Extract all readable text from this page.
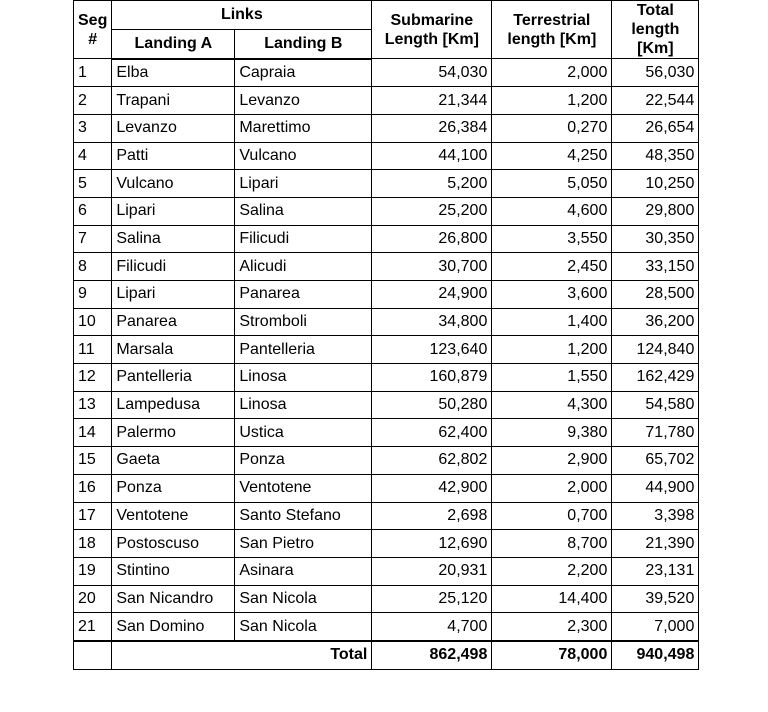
Seg #	Links		Submarine Length [Km]	Terrestrial length [Km]	Total length [Km]

	Landing A	Landing B			
1	Elba	Capraia	54,030	2,000	56,030
2	Trapani	Levanzo	21,344	1,200	22,544
3	Levanzo	Marettimo	26,384	0,270	26,654
4	Patti	Vulcano	44,100	4,250	48,350
5	Vulcano	Lipari	5,200	5,050	10,250
6	Lipari	Salina	25,200	4,600	29,800
7	Salina	Filicudi	26,800	3,550	30,350
8	Filicudi	Alicudi	30,700	2,450	33,150
9	Lipari	Panarea	24,900	3,600	28,500
10	Panarea	Stromboli	34,800	1,400	36,200
11	Marsala	Pantelleria	123,640	1,200	124,840
12	Pantelleria	Linosa	160,879	1,550	162,429
13	Lampedusa	Linosa	50,280	4,300	54,580
14	Palermo	Ustica	62,400	9,380	71,780
15	Gaeta	Ponza	62,802	2,900	65,702
16	Ponza	Ventotene	42,900	2,000	44,900
17	Ventotene	Santo Stefano	2,698	0,700	3,398
18	Postoscuso	San Pietro	12,690	8,700	21,390
19	Stintino	Asinara	20,931	2,200	23,131
20	San Nicandro	San Nicola	25,120	14,400	39,520
21	San Domino	San Nicola	4,700	2,300	7,000
	Total		862,498	78,000	940,498
